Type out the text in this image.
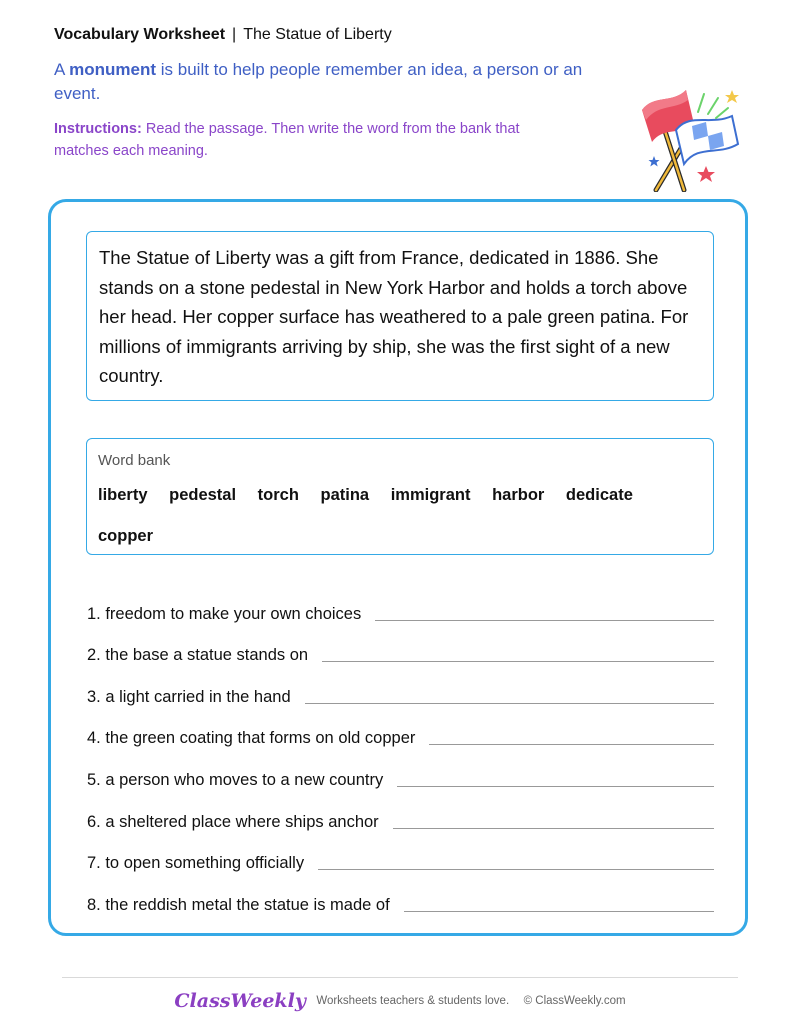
Vocabulary Worksheet | The Statue of Liberty
A monument is built to help people remember an idea, a person or an event.
Instructions: Read the passage. Then write the word from the bank that matches each meaning.
The Statue of Liberty was a gift from France, dedicated in 1886. She stands on a stone pedestal in New York Harbor and holds a torch above her head. Her copper surface has weathered to a pale green patina. For millions of immigrants arriving by ship, she was the first sight of a new country.
Word bank
liberty pedestal torch patina immigrant harbor dedicate copper
1. freedom to make your own choices
2. the base a statue stands on
3. a light carried in the hand
4. the green coating that forms on old copper
5. a person who moves to a new country
6. a sheltered place where ships anchor
7. to open something officially
8. the reddish metal the statue is made of
ClassWeekly Worksheets teachers & students love. © ClassWeekly.com
